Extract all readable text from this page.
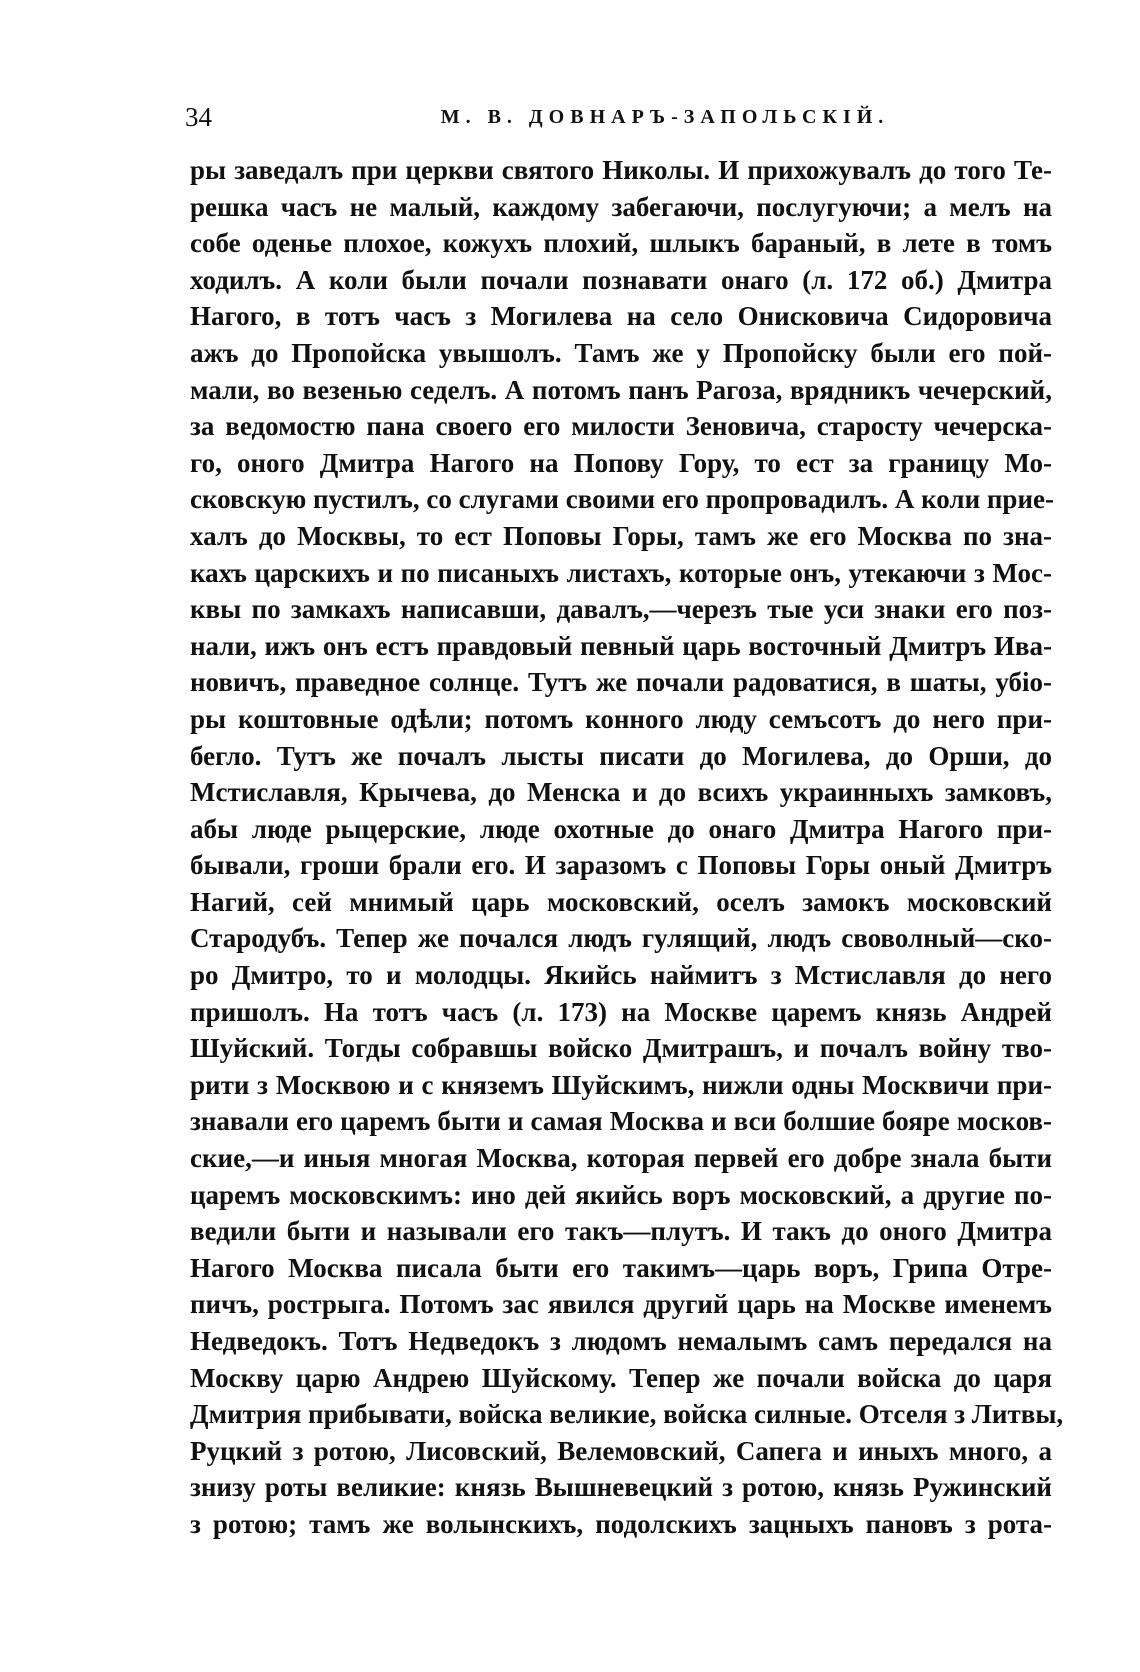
34	М. В. ДОВНАРЪ-ЗАПОЛЬСКІЙ.
ры заведалъ при церкви святого Николы. И прихожувалъ до того Те-
решка часъ не малый, каждому забегаючи, послугуючи; а мелъ на
собе оденье плохое, кожухъ плохий, шлыкъ бараный, в лете в томъ
ходилъ. А коли были почали познавати онаго (л. 172 об.) Дмитра
Нагого, в тотъ часъ з Могилева на село Онисковича Сидоровича
ажъ до Пропойска увышолъ. Тамъ же у Пропойску были его пой-
мали, во везенью седелъ. А потомъ панъ Рагоза, врядникъ чечерский,
за ведомостю пана своего его милости Зеновича, старосту чечерска-
го, оного Дмитра Нагого на Попову Гору, то ест за границу Мо-
сковскую пустилъ, со слугами своими его пропровадилъ. А коли прие-
халъ до Москвы, то ест Поповы Горы, тамъ же его Москва по зна-
кахъ царскихъ и по писаныхъ листахъ, которые онъ, утекаючи з Мос-
квы по замкахъ написавши, давалъ,—черезъ тые уси знаки его поз-
нали, ижъ онъ естъ правдовый певный царь восточный Дмитръ Ива-
новичъ, праведное солнце. Тутъ же почали радоватися, в шаты, убіо-
ры коштовные одѣли; потомъ конного люду семъсотъ до него при-
бегло. Тутъ же почалъ лысты писати до Могилева, до Орши, до
Мстиславля, Крычева, до Менска и до всихъ украинныхъ замковъ,
абы люде рыцерские, люде охотные до онаго Дмитра Нагого при-
бывали, гроши брали его. И заразомъ с Поповы Горы оный Дмитръ
Нагий, сей мнимый царь московский, оселъ замокъ московский
Стародубъ. Тепер же почался людъ гулящий, людъ своволный—ско-
ро Дмитро, то и молодцы. Якийсь наймитъ з Мстиславля до него
пришолъ. На тотъ часъ (л. 173) на Москве царемъ князь Андрей
Шуйский. Тогды собравшы войско Дмитрашъ, и почалъ войну тво-
рити з Москвою и с княземъ Шуйскимъ, нижли одны Москвичи при-
знавали его царемъ быти и самая Москва и вси болшие бояре москов-
ские,—и иныя многая Москва, которая первей его добре знала быти
царемъ московскимъ: ино дей якийсь воръ московский, а другие по-
ведили быти и называли его такъ—плутъ. И такъ до оного Дмитра
Нагого Москва писала быти его такимъ—царь воръ, Грипа Отре-
пичъ, рострыга. Потомъ зас явился другий царь на Москве именемъ
Недведокъ. Тотъ Недведокъ з людомъ немалымъ самъ передался на
Москву царю Андрею Шуйскому. Тепер же почали войска до царя
Дмитрия прибывати, войска великие, войска силные. Отселя з Литвы,
Руцкий з ротою, Лисовский, Велемовский, Сапега и иныхъ много, а
знизу роты великие: князь Вышневецкий з ротою, князь Ружинский
з ротою; тамъ же волынскихъ, подолскихъ зацныхъ пановъ з рота-
